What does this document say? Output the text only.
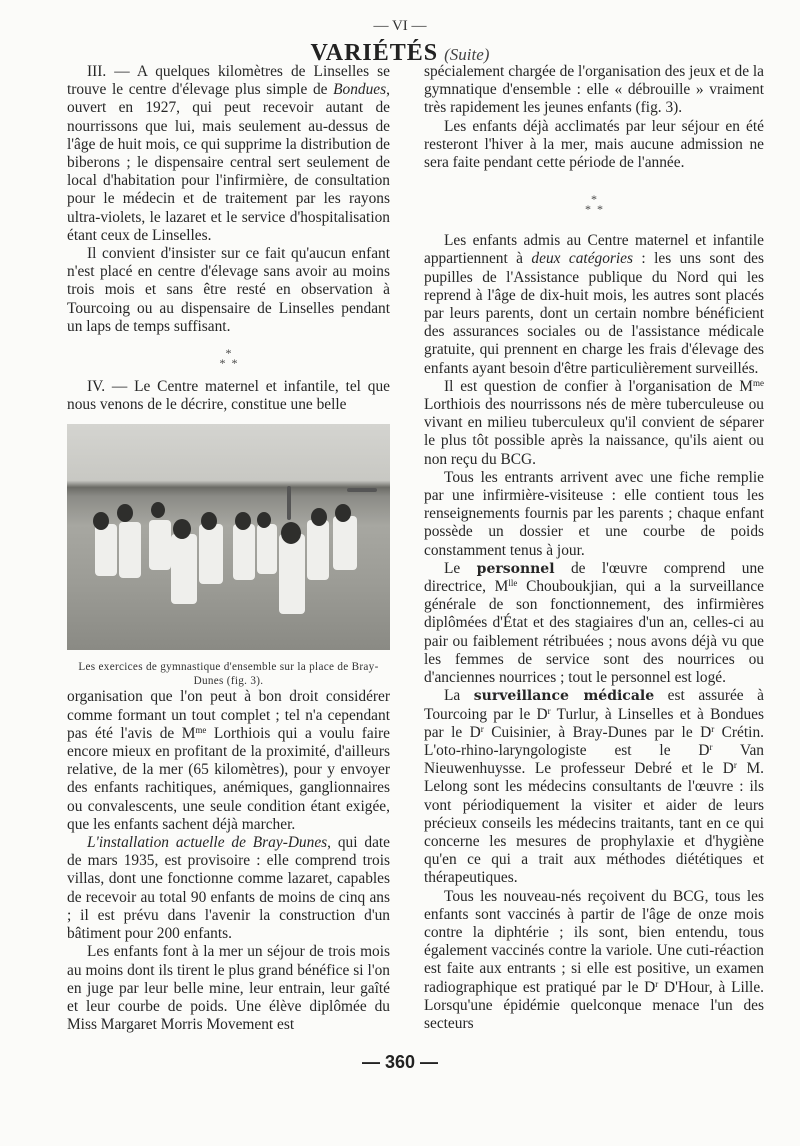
— VI —
VARIÉTÉS (Suite)

III. — A quelques kilomètres de Linselles se trouve le centre d'élevage plus simple de Bondues, ouvert en 1927, qui peut recevoir autant de nourrissons que lui, mais seulement au-dessus de l'âge de huit mois, ce qui supprime la distribution de biberons ; le dispensaire central sert seulement de local d'habitation pour l'infirmière, de consultation pour le médecin et de traitement par les rayons ultra-violets, le lazaret et le service d'hospitalisation étant ceux de Linselles.

Il convient d'insister sur ce fait qu'aucun enfant n'est placé en centre d'élevage sans avoir au moins trois mois et sans être resté en observation à Tourcoing ou au dispensaire de Linselles pendant un laps de temps suffisant.

*
*  *

IV. — Le Centre maternel et infantile, tel que nous venons de le décrire, constitue une belle

Les exercices de gymnastique d'ensemble sur la place de Bray-Dunes (fig. 3).

organisation que l'on peut à bon droit considérer comme formant un tout complet ; tel n'a cependant pas été l'avis de $M^{me}$ Lorthiois qui a voulu faire encore mieux en profitant de la proximité, d'ailleurs relative, de la mer (65 kilomètres), pour y envoyer des enfants rachitiques, anémiques, ganglionnaires ou convalescents, une seule condition étant exigée, que les enfants sachent déjà marcher.

L'installation actuelle de Bray-Dunes, qui date de mars 1935, est provisoire : elle comprend trois villas, dont une fonctionne comme lazaret, capables de recevoir au total 90 enfants de moins de cinq ans ; il est prévu dans l'avenir la construction d'un bâtiment pour 200 enfants.

Les enfants font à la mer un séjour de trois mois au moins dont ils tirent le plus grand bénéfice si l'on en juge par leur belle mine, leur entrain, leur gaîté et leur courbe de poids. Une élève diplômée du Miss Margaret Morris Movement est

spécialement chargée de l'organisation des jeux et de la gymnatique d'ensemble : elle « débrouille » vraiment très rapidement les jeunes enfants (fig. 3).

Les enfants déjà acclimatés par leur séjour en été resteront l'hiver à la mer, mais aucune admission ne sera faite pendant cette période de l'année.

*
*  *

Les enfants admis au Centre maternel et infantile appartiennent à deux catégories : les uns sont des pupilles de l'Assistance publique du Nord qui les reprend à l'âge de dix-huit mois, les autres sont placés par leurs parents, dont un certain nombre bénéficient des assurances sociales ou de l'assistance médicale gratuite, qui prennent en charge les frais d'élevage des enfants ayant besoin d'être particulièrement surveillés.

Il est question de confier à l'organisation de $M^{me}$ Lorthiois des nourrissons nés de mère tuberculeuse ou vivant en milieu tuberculeux qu'il convient de séparer le plus tôt possible après la naissance, qu'ils aient ou non reçu du BCG.

Tous les entrants arrivent avec une fiche remplie par une infirmière-visiteuse : elle contient tous les renseignements fournis par les parents ; chaque enfant possède un dossier et une courbe de poids constamment tenus à jour.

Le personnel de l'œuvre comprend une directrice, $M^{lle}$ Chouboukjian, qui a la surveillance générale de son fonctionnement, des infirmières diplômées d'État et des stagiaires d'un an, celles-ci au pair ou faiblement rétribuées ; nous avons déjà vu que les femmes de service sont des nourrices ou d'anciennes nourrices ; tout le personnel est logé.

La surveillance médicale est assurée à Tourcoing par le $D^r$ Turlur, à Linselles et à Bondues par le $D^r$ Cuisinier, à Bray-Dunes par le $D^r$ Crétin. L'oto-rhino-laryngologiste est le $D^r$ Van Nieuwenhuysse. Le professeur Debré et le $D^r$ M. Lelong sont les médecins consultants de l'œuvre : ils vont périodiquement la visiter et aider de leurs précieux conseils les médecins traitants, tant en ce qui concerne les mesures de prophylaxie et d'hygiène qu'en ce qui a trait aux méthodes diététiques et thérapeutiques.

Tous les nouveau-nés reçoivent du BCG, tous les enfants sont vaccinés à partir de l'âge de onze mois contre la diphtérie ; ils sont, bien entendu, tous également vaccinés contre la variole. Une cuti-réaction est faite aux entrants ; si elle est positive, un examen radiographique est pratiqué par le $D^r$ D'Hour, à Lille. Lorsqu'une épidémie quelconque menace l'un des secteurs

— 360 —
